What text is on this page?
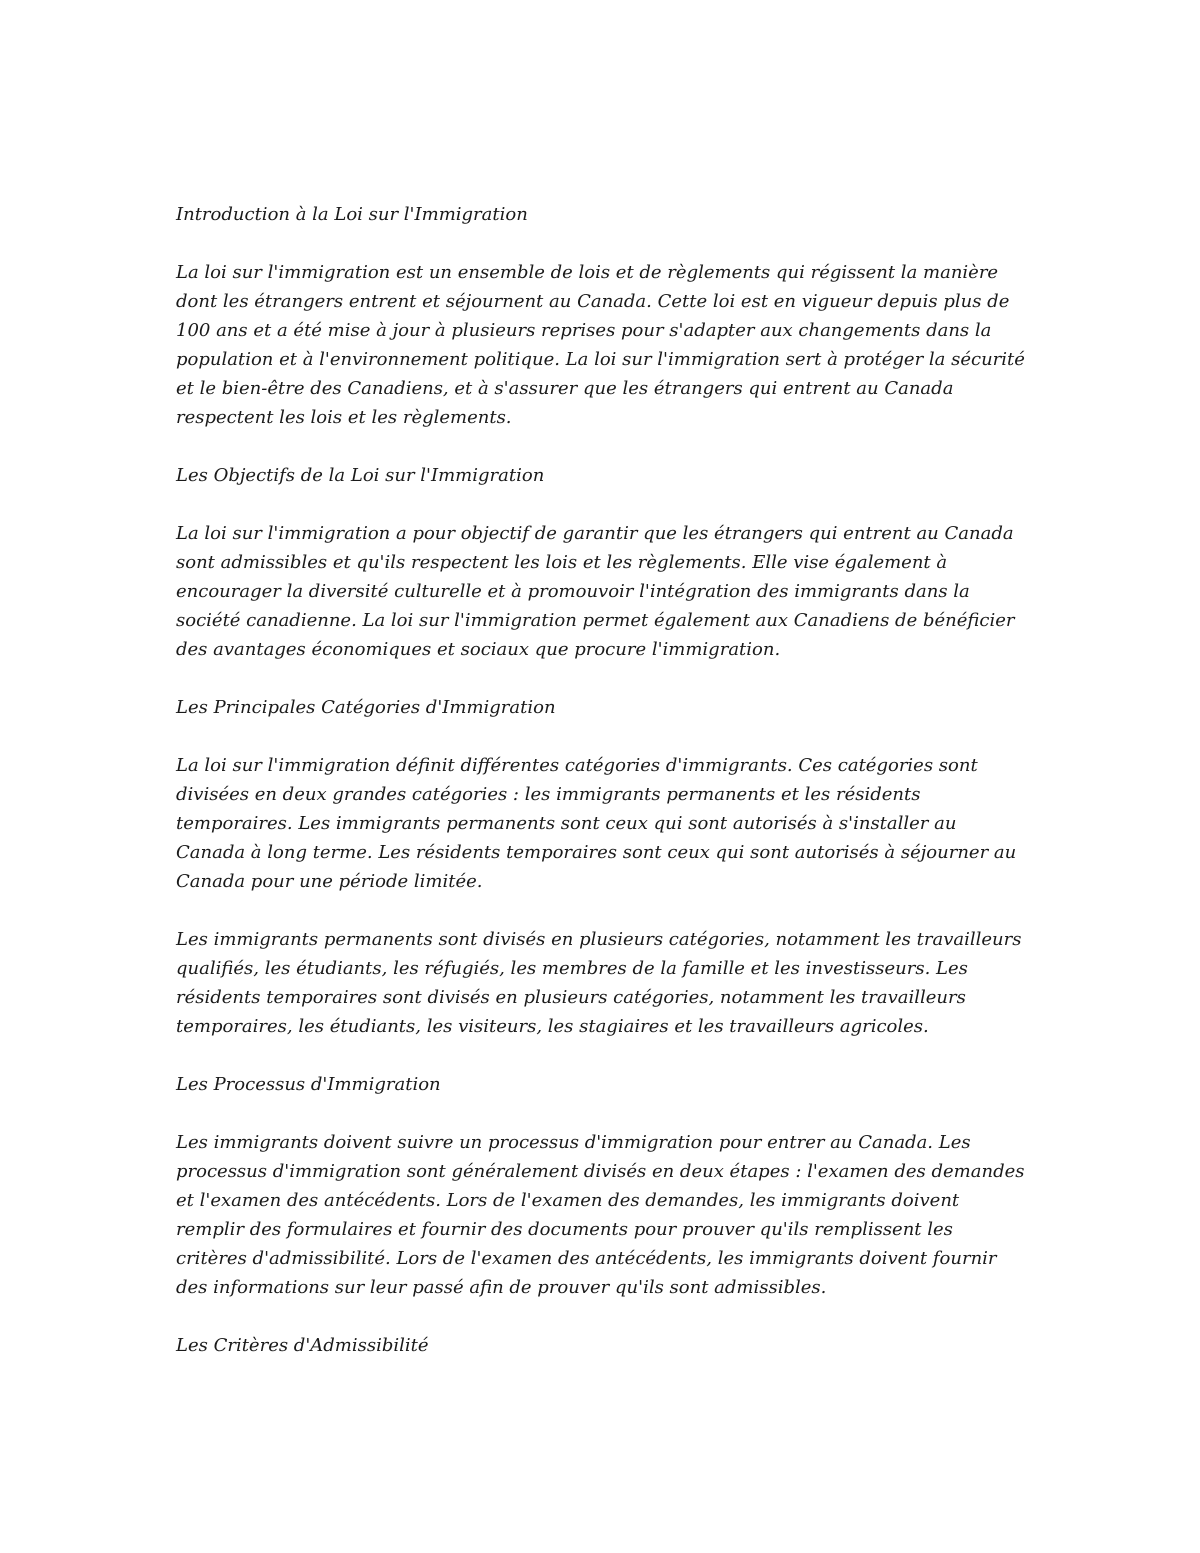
Introduction à la Loi sur l'Immigration

La loi sur l'immigration est un ensemble de lois et de règlements qui régissent la manière dont les étrangers entrent et séjournent au Canada. Cette loi est en vigueur depuis plus de 100 ans et a été mise à jour à plusieurs reprises pour s'adapter aux changements dans la population et à l'environnement politique. La loi sur l'immigration sert à protéger la sécurité et le bien-être des Canadiens, et à s'assurer que les étrangers qui entrent au Canada respectent les lois et les règlements.

Les Objectifs de la Loi sur l'Immigration

La loi sur l'immigration a pour objectif de garantir que les étrangers qui entrent au Canada sont admissibles et qu'ils respectent les lois et les règlements. Elle vise également à encourager la diversité culturelle et à promouvoir l'intégration des immigrants dans la société canadienne. La loi sur l'immigration permet également aux Canadiens de bénéficier des avantages économiques et sociaux que procure l'immigration.

Les Principales Catégories d'Immigration

La loi sur l'immigration définit différentes catégories d'immigrants. Ces catégories sont divisées en deux grandes catégories : les immigrants permanents et les résidents temporaires. Les immigrants permanents sont ceux qui sont autorisés à s'installer au Canada à long terme. Les résidents temporaires sont ceux qui sont autorisés à séjourner au Canada pour une période limitée.

Les immigrants permanents sont divisés en plusieurs catégories, notamment les travailleurs qualifiés, les étudiants, les réfugiés, les membres de la famille et les investisseurs. Les résidents temporaires sont divisés en plusieurs catégories, notamment les travailleurs temporaires, les étudiants, les visiteurs, les stagiaires et les travailleurs agricoles.

Les Processus d'Immigration

Les immigrants doivent suivre un processus d'immigration pour entrer au Canada. Les processus d'immigration sont généralement divisés en deux étapes : l'examen des demandes et l'examen des antécédents. Lors de l'examen des demandes, les immigrants doivent remplir des formulaires et fournir des documents pour prouver qu'ils remplissent les critères d'admissibilité. Lors de l'examen des antécédents, les immigrants doivent fournir des informations sur leur passé afin de prouver qu'ils sont admissibles.

Les Critères d'Admissibilité
